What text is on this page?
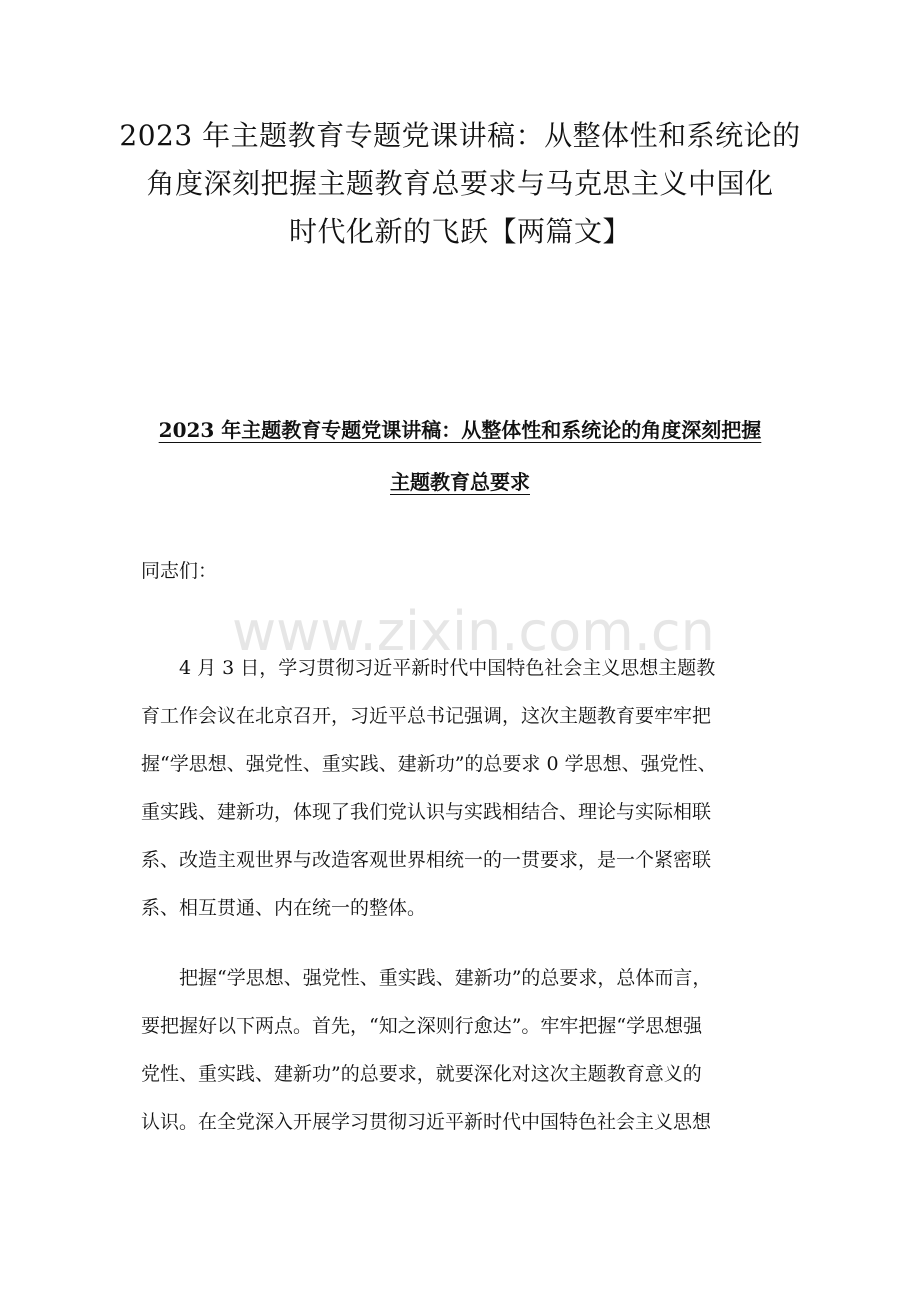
2023 年主题教育专题党课讲稿：从整体性和系统论的
角度深刻把握主题教育总要求与马克思主义中国化
时代化新的飞跃【两篇文】
2023 年主题教育专题党课讲稿：从整体性和系统论的角度深刻把握
主题教育总要求
同志们：
www.zixin.com.cn
　　4 月 3 日，学习贯彻习近平新时代中国特色社会主义思想主题教
育工作会议在北京召开，习近平总书记强调，这次主题教育要牢牢把
握“学思想、强党性、重实践、建新功”的总要求 0 学思想、强党性、
重实践、建新功，体现了我们党认识与实践相结合、理论与实际相联
系、改造主观世界与改造客观世界相统一的一贯要求，是一个紧密联
系、相互贯通、内在统一的整体。
　　把握“学思想、强党性、重实践、建新功”的总要求，总体而言，
要把握好以下两点。首先，“知之深则行愈达”。牢牢把握“学思想强
党性、重实践、建新功”的总要求，就要深化对这次主题教育意义的
认识。在全党深入开展学习贯彻习近平新时代中国特色社会主义思想
